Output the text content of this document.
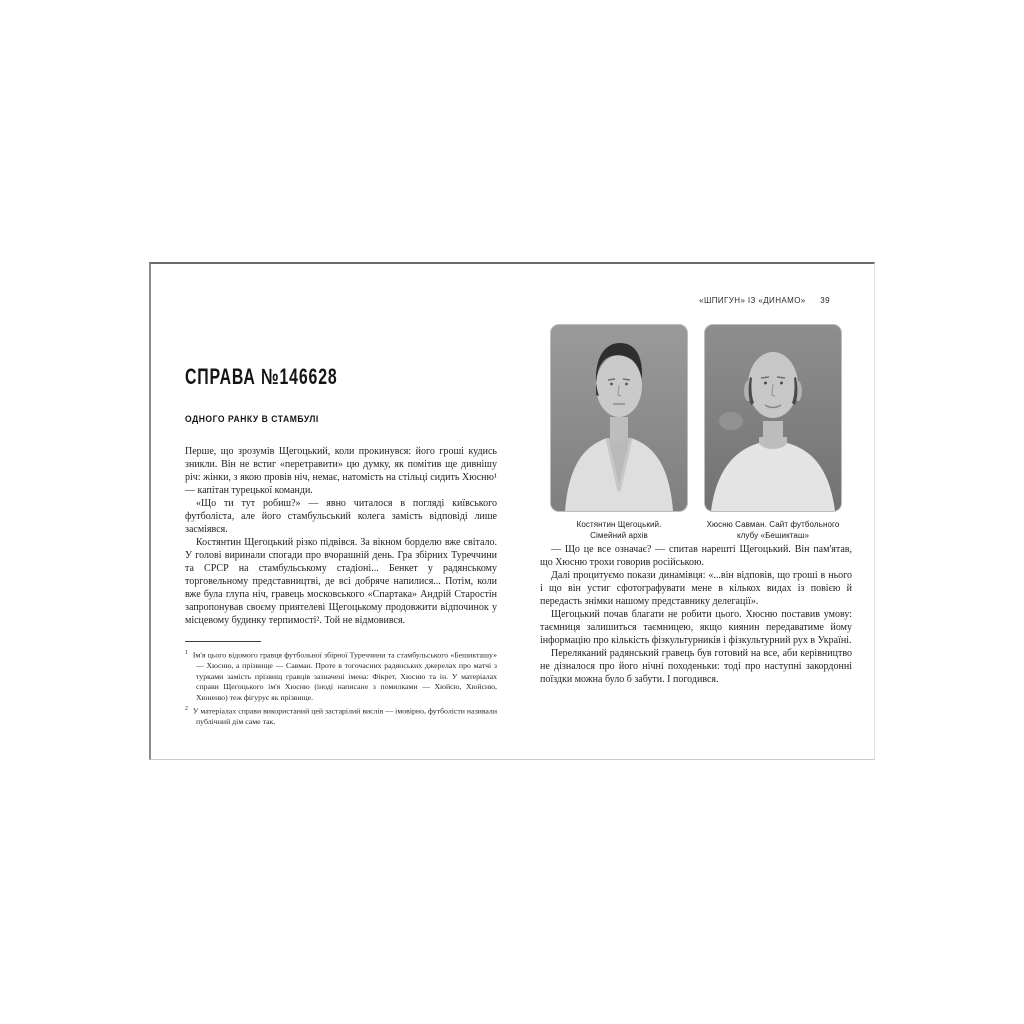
СПРАВА №146628
ОДНОГО РАНКУ В СТАМБУЛІ

Перше, що зрозумів Щегоцький, коли прокинувся: його гроші кудись зникли. Він не встиг «перетравити» цю думку, як помітив ще дивнішу річ: жінки, з якою провів ніч, немає, натомість на стільці сидить Хюсню¹ — капітан турецької команди.

«Що ти тут робиш?» — явно читалося в погляді київського футболіста, але його стамбульський колега замість відповіді лише засміявся.

Костянтин Щегоцький різко підвівся. За вікном борделю вже світало. У голові виринали спогади про вчорашній день. Гра збірних Туреччини та СРСР на стамбульському стадіоні... Бенкет у радянському торговельному представництві, де всі добряче напилися... Потім, коли вже була глупа ніч, гравець московського «Спартака» Андрій Старостін запропонував своєму приятелеві Щегоцькому продовжити відпочинок у місцевому будинку терпимості². Той не відмовився.

$^1$ Ім'я цього відомого гравця футбольної збірної Туреччини та стамбульського «Бешикташу» — Хюсню, а прізвище — Савман. Проте в тогочасних радянських джерелах про матчі з турками замість прізвищ гравців зазначені імена: Фікрет, Хюсню та ін. У матеріалах справи Щегоцького ім'я Хюсню (іноді написане з помилками — Хюйсю, Хюйсню, Хюненю) теж фігурує як прізвище.

$^2$ У матеріалах справи використаний цей застарілий вислів — імовірно, футболісти називали публічний дім саме так.

«ШПИГУН» ІЗ «ДИНАМО» 39
Костянтин Щегоцький.
Сімейний архів
Хюсню Савман. Сайт футбольного
клубу «Бешикташ»

— Що це все означає? — спитав нарешті Щегоцький. Він пам'ятав, що Хюсню трохи говорив російською.

Далі процитуємо покази динамівця: «...він відповів, що гроші в нього і що він устиг сфотографувати мене в кількох видах із повією й передасть знімки нашому представнику делегації».

Щегоцький почав благати не робити цього. Хюсню поставив умову: таємниця залишиться таємницею, якщо киянин передаватиме йому інформацію про кількість фізкультурників і фізкультурний рух в Україні.

Переляканий радянський гравець був готовий на все, аби керівництво не дізналося про його нічні походеньки: тоді про наступні закордонні поїздки можна було б забути. І погодився.
